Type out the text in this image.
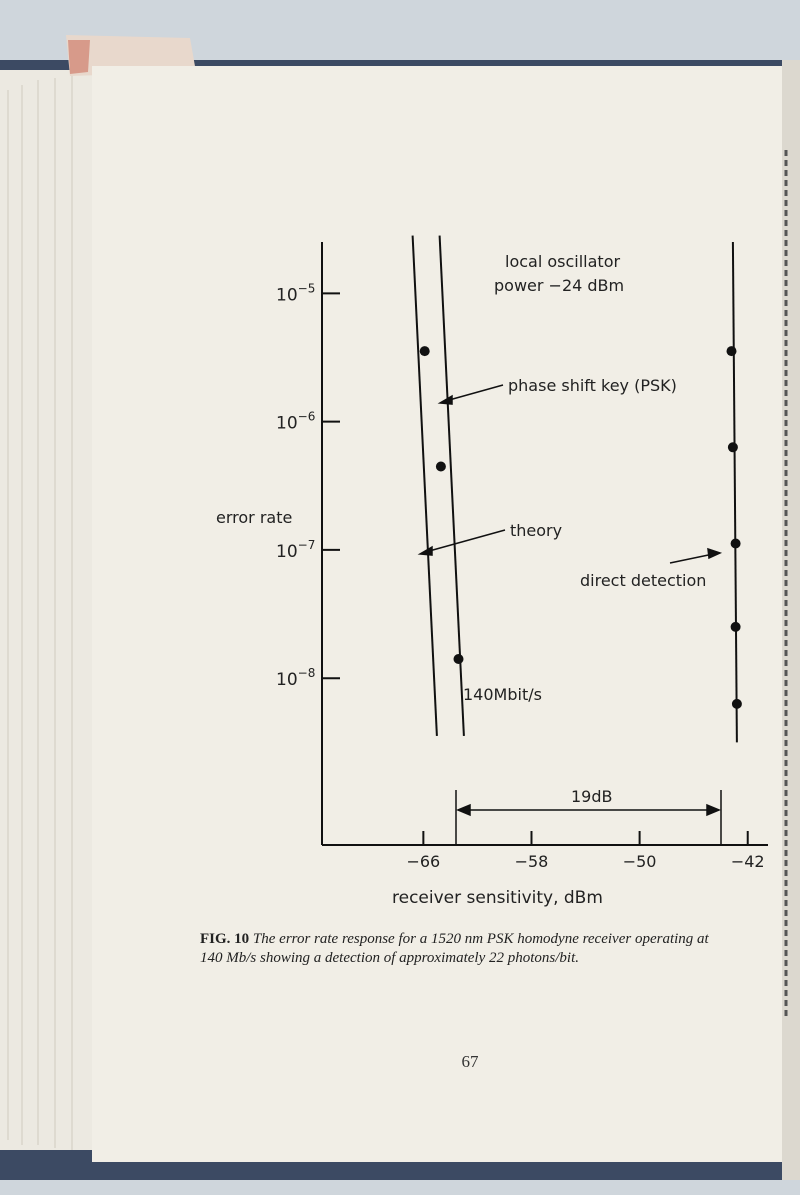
$10^{-5}$
$10^{-6}$
$10^{-7}$
$10^{-8}$
−66	−58	−50	−42
error rate
receiver sensitivity, dBm
local oscillator
power −24 dBm
phase shift key (PSK)
theory
direct detection
140Mbit/s
19dB
FIG. 10 The error rate response for a 1520 nm PSK homodyne receiver operating at 140 Mb/s showing a detection of approximately 22 photons/bit.
67
